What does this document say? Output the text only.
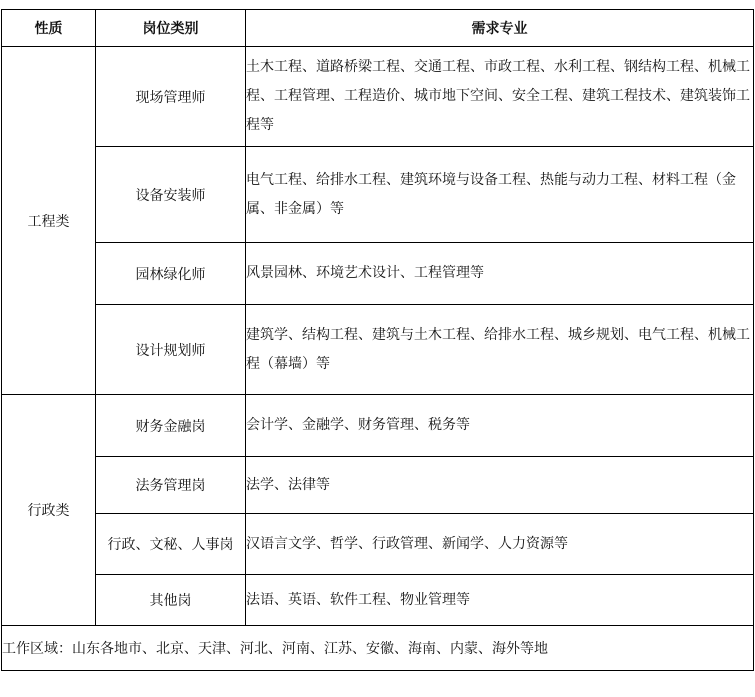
性质	岗位类别	需求专业
工程类	现场管理师	土木工程、道路桥梁工程、交通工程、市政工程、水利工程、钢结构工程、机械工程、工程管理、工程造价、城市地下空间、安全工程、建筑工程技术、建筑装饰工程等
	设备安装师	电气工程、给排水工程、建筑环境与设备工程、热能与动力工程、材料工程（金属、非金属）等
	园林绿化师	风景园林、环境艺术设计、工程管理等
	设计规划师	建筑学、结构工程、建筑与土木工程、给排水工程、城乡规划、电气工程、机械工程（幕墙）等
行政类	财务金融岗	会计学、金融学、财务管理、税务等
	法务管理岗	法学、法律等
	行政、文秘、人事岗	汉语言文学、哲学、行政管理、新闻学、人力资源等
	其他岗	法语、英语、软件工程、物业管理等
工作区域：山东各地市、北京、天津、河北、河南、江苏、安徽、海南、内蒙、海外等地		
